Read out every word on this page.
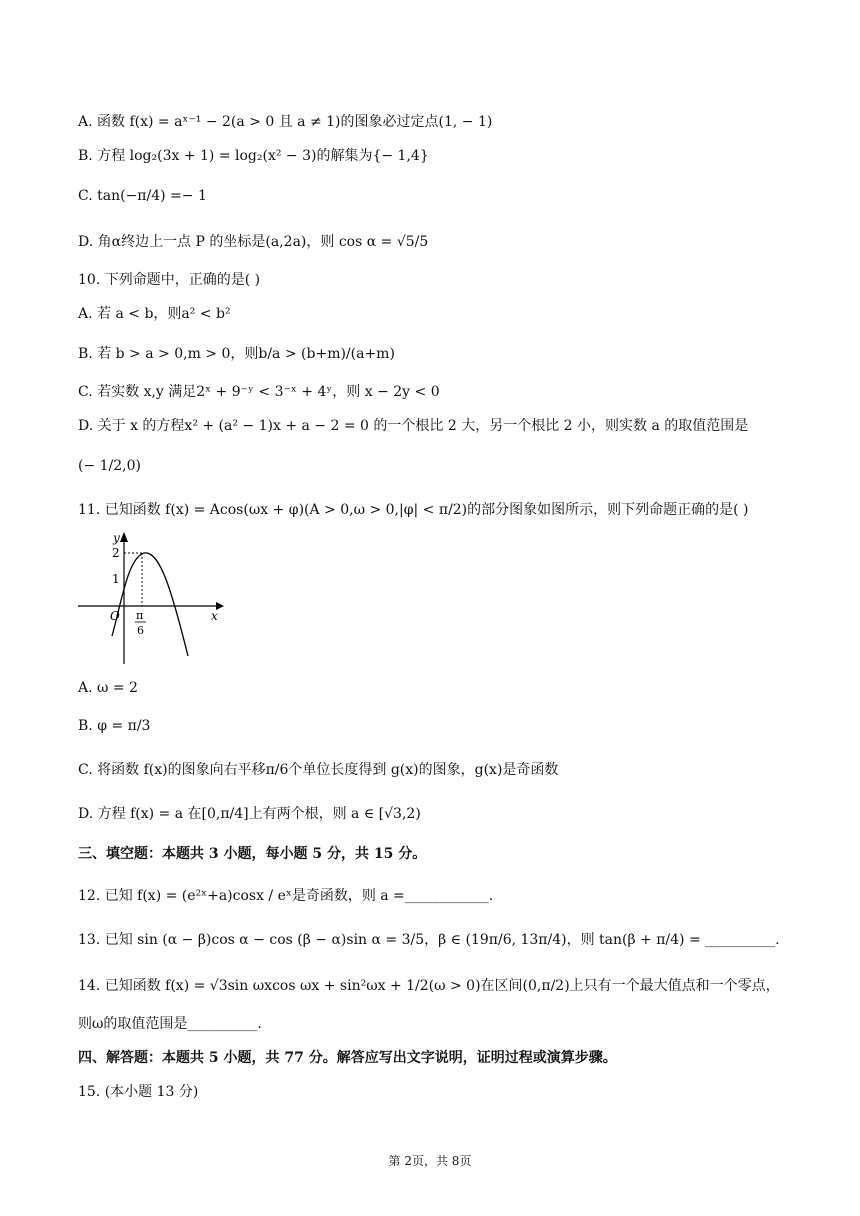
A. 函数 f(x) = aˣ⁻¹ − 2(a > 0 且 a ≠ 1)的图象必过定点(1, − 1)
B. 方程 log₂(3x + 1) = log₂(x² − 3)的解集为{− 1,4}
C. tan(−π/4) =− 1
D. 角α终边上一点 P 的坐标是(a,2a)，则 cos α = √5/5
10. 下列命题中，正确的是( )
A. 若 a < b，则a² < b²
B. 若 b > a > 0,m > 0，则b/a > (b+m)/(a+m)
C. 若实数 x,y 满足2ˣ + 9⁻ʸ < 3⁻ˣ + 4ʸ，则 x − 2y < 0
D. 关于 x 的方程x² + (a² − 1)x + a − 2 = 0 的一个根比 2 大，另一个根比 2 小，则实数 a 的取值范围是
(− 1/2,0)
11. 已知函数 f(x) = Acos(ωx + φ)(A > 0,ω > 0,|φ| < π/2)的部分图象如图所示，则下列命题正确的是( )
y
x
O
2
1
π
6
A. ω = 2
B. φ = π/3
C. 将函数 f(x)的图象向右平移π/6个单位长度得到 g(x)的图象，g(x)是奇函数
D. 方程 f(x) = a 在[0,π/4]上有两个根，则 a ∈ [√3,2)
三、填空题：本题共 3 小题，每小题 5 分，共 15 分。
12. 已知 f(x) = (e²ˣ+a)cosx / eˣ是奇函数，则 a =____________.
13. 已知 sin (α − β)cos α − cos (β − α)sin α = 3/5，β ∈ (19π/6, 13π/4)，则 tan(β + π/4) = __________.
14. 已知函数 f(x) = √3sin ωxcos ωx + sin²ωx + 1/2(ω > 0)在区间(0,π/2)上只有一个最大值点和一个零点，
则ω的取值范围是__________.
四、解答题：本题共 5 小题，共 77 分。解答应写出文字说明，证明过程或演算步骤。
15. (本小题 13 分)
第 2页，共 8页
